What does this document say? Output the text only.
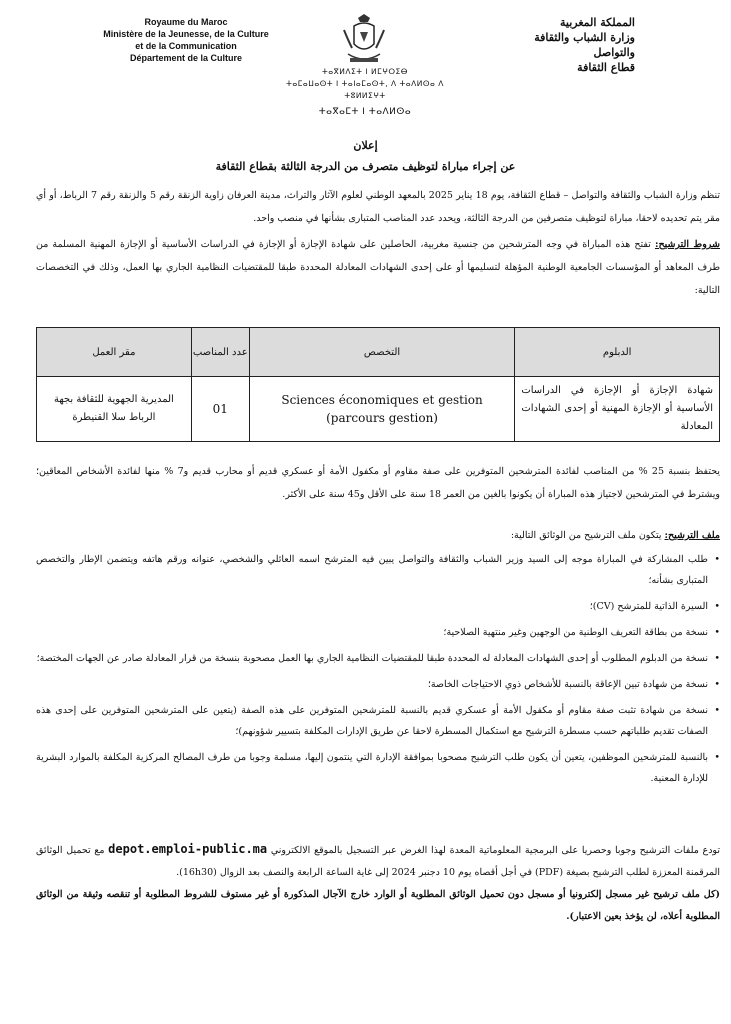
Royaume du Maroc
Ministère de la Jeunesse, de la Culture
et de la Communication
Département de la Culture
ⵜⴰⴳⵍⴷⵉⵜ ⵏ ⵍⵎⵖⵔⵉⴱ
ⵜⴰⵎⴰⵡⴰⵙⵜ ⵏ ⵜⴰⵏⴰⵎⴰⵙⵜ, ⴷ ⵜⴰⴷⵍⵙⴰ ⴷ ⵜⵓⵍⵍⵉⵖⵜ
ⵜⴰⴳⴰⵎⵜ ⵏ ⵜⴰⴷⵍⵙⴰ
المملكة المغربية
وزارة الشباب والثقافة
والتواصل
قطاع الثقافة
إعلان
عن إجراء مباراة لتوظيف متصرف من الدرجة الثالثة بقطاع الثقافة
تنظم وزارة الشباب والثقافة والتواصل – قطاع الثقافة، يوم 18 يناير 2025 بالمعهد الوطني لعلوم الآثار والتراث، مدينة العرفان زاوية الزنقة رقم 5 والزنقة رقم 7 الرباط، أو أي مقر يتم تحديده لاحقا، مباراة لتوظيف متصرفين من الدرجة الثالثة، ويحدد عدد المناصب المتبارى بشأنها في منصب واحد.
شروط الترشيح: تفتح هذه المباراة في وجه المترشحين من جنسية مغربية، الحاصلين على شهادة الإجازة أو الإجازة في الدراسات الأساسية أو الإجازة المهنية المسلمة من طرف المعاهد أو المؤسسات الجامعية الوطنية المؤهلة لتسليمها أو على إحدى الشهادات المعادلة المحددة طبقا للمقتضيات النظامية الجاري بها العمل، وذلك في التخصصات التالية:
الدبلوم	التخصص	عدد المناصب	مقر العمل
شهادة الإجازة أو الإجازة في الدراسات الأساسية أو الإجازة المهنية أو إحدى الشهادات المعادلة	Sciences économiques et gestion
(parcours gestion)	01	المديرية الجهوية للثقافة بجهة الرباط سلا القنيطرة
يحتفظ بنسبة 25 % من المناصب لفائدة المترشحين المتوفرين على صفة مقاوم أو مكفول الأمة أو عسكري قديم أو محارب قديم و7 % منها لفائدة الأشخاص المعاقين؛ ويشترط في المترشحين لاجتياز هذه المباراة أن يكونوا بالغين من العمر 18 سنة على الأقل و45 سنة على الأكثر.
ملف الترشيح: يتكون ملف الترشيح من الوثائق التالية:
• طلب المشاركة في المباراة موجه إلى السيد وزير الشباب والثقافة والتواصل يبين فيه المترشح اسمه العائلي والشخصي، عنوانه ورقم هاتفه ويتضمن الإطار والتخصص المتبارى بشأنه؛
• السيرة الذاتية للمترشح (CV)؛
• نسخة من بطاقة التعريف الوطنية من الوجهين وغير منتهية الصلاحية؛
• نسخة من الدبلوم المطلوب أو إحدى الشهادات المعادلة له المحددة طبقا للمقتضيات النظامية الجاري بها العمل مصحوبة بنسخة من قرار المعادلة صادر عن الجهات المختصة؛
• نسخة من شهادة تبين الإعاقة بالنسبة للأشخاص ذوي الاحتياجات الخاصة؛
• نسخة من شهادة تثبت صفة مقاوم أو مكفول الأمة أو عسكري قديم بالنسبة للمترشحين المتوفرين على هذه الصفة (يتعين على المترشحين المتوفرين على إحدى هذه الصفات تقديم طلباتهم حسب مسطرة الترشيح مع استكمال المسطرة لاحقا عن طريق الإدارات المكلفة بتسيير شؤونهم)؛
• بالنسبة للمترشحين الموظفين، يتعين أن يكون طلب الترشيح مصحوبا بموافقة الإدارة التي ينتمون إليها، مسلمة وجوبا من طرف المصالح المركزية المكلفة بالموارد البشرية للإدارة المعنية.
تودع ملفات الترشيح وجوبا وحصريا على البرمجية المعلوماتية المعدة لهذا الغرض عبر التسجيل بالموقع الالكتروني depot.emploi-public.ma مع تحميل الوثائق المرقمنة المعززة لطلب الترشيح بصيغة (PDF) في أجل أقصاه يوم 10 دجنبر 2024 إلى غاية الساعة الرابعة والنصف بعد الزوال (16h30).
(كل ملف ترشيح غير مسجل إلكترونيا أو مسجل دون تحميل الوثائق المطلوبة أو الوارد خارج الآجال المذكورة أو غير مستوف للشروط المطلوبة أو تنقصه وثيقة من الوثائق المطلوبة أعلاه، لن يؤخذ بعين الاعتبار).
